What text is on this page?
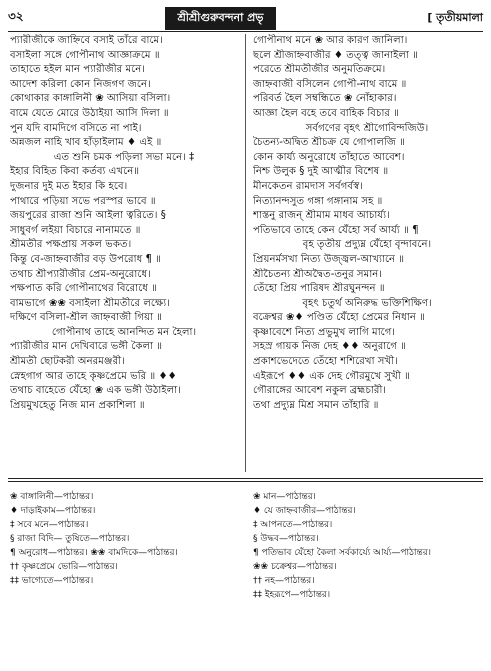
৩২	শ্রীশ্রীগুরুবন্দনা প্রভৃ	[ তৃতীয়মালা
প্যারীজীকে জাহ্নিবে বসাই তাঁরে বামে।
বসাইলা সঙ্গে গোপীনাথ আজ্ঞাক্রমে ॥
তাহাতে হইল মান প্যারীজীর মনে।
আদেশ করিলা কোন নিজগণ জনে।
কোথাকার কাঙ্গালিনী ❀ আসিয়া বসিলা।
বামে যেতে মোরে উঠাইয়া আসি দিলা ॥
পুন যদি বামদিগে বসিতে না পাই।
অন্নজল নাহি খাব হাঁড়াইলাম ♦ এই ॥
এত শুনি চমক পড়িলা সভা মনে। ‡
ইহার বিহিত কিবা কর্তব্য এখনে॥
দুজনার দুই মত ইহার কি হবে।
পাথারে পড়িয়া সভে পরস্পর ভাবে ॥
জয়পুরের রাজা শুনি আইলা ত্বরিতে। §
সাধুবর্গ লইয়া বিচারে নানামতে ॥
শ্রীমতীর পক্ষপ্রায় সকল ভকত।
কিন্তু বে-জাহ্নবাজীর বড় উপরোধ ¶ ॥
তথাচ শ্রীপ্যারীজীর প্রেম-অনুরোধে।
পক্ষপাত করি গোপীনাথের বিরোধে ॥
বামভাগে ❀❀ বসাইলা শ্রীমতীরে লক্ষ্যে।
দক্ষিণে বসিলা-শ্রীল জাহ্নবাজী গিয়া ॥
গোপীনাথ তাহে আনন্দিত মন হৈলা।
প্যারীজীর মান দেখিবারে ভঙ্গী কৈলা ॥
শ্রীমতী ছোটকরী অনরমঞ্জরী।
স্নেহগাগ আর তাহে কৃষ্ণপ্রেমে ভরি ॥ ♦♦
তথাচ বাহেতে যেঁহো ❀ এক ভঙ্গী উঠাইলা।
প্রিয়মুখহেতু নিজ মান প্রকাশিলা ॥
গোপীনাথ মনে ❀ আর কারণ জানিলা।
ছলে শ্রীজাহ্নবাজীর ♦ তত্ত্ব জানাইলা ॥
পরেতে শ্রীমতীজীর অনুমতিক্রমে।
জাহ্নবাজী বসিলেন গোপী-নাথ বামে ॥
পরিবর্ত হৈল সম্বন্ধিতে ❀ নোঁহাকার।
আজ্ঞা হৈল বহে তবে বাহিক বিচার ॥
সর্বগণের বৃহৎ শ্রীগোবিন্দজিউ।
চৈতন্য-অদ্বিত শ্রীচক্র যে গোপালজি ॥
কোন কার্য্য অনুরোধে তাঁহাতে আবেশ।
নিশ্চ উলুক § দুই আত্মীর বিশেষ ॥
মীনকেতন রামদাস সর্বগর্বস্ব।
নিত্যানন্দসুত গঙ্গা গঙ্গানাম সহ ॥
শাস্তনু রাজন্ শ্রীমাম মাধব আচার্য্য।
পতিভাবে তাহে কেন যেঁহো সর্ব আর্য্য ॥ ¶
বৃহ তৃতীয় প্রদ্যুম্ন যেঁহো বৃন্দাবনে।
প্রিয়নর্মসখা নিত্য উজ্জ্বল-আখ্যানে ॥
শ্রীচৈতন্য শ্রীঅদ্বৈত-তনুর সমান।
তেঁহো প্রিয় পারিষদ শ্রীরঘুনন্দন ॥
বৃহৎ চতুর্থ অনিরুদ্ধ ভক্তিশিক্ষিণ।
বক্রেশ্বর ❀♦ পণ্ডিত যেঁহো প্রেমের নিধান ॥
কৃষ্ণাবেশে নিত্য প্রভুমুখ লাগি মাগে।
সহস্র গায়ক নিজ দেহ ♦♦ অনুরাগে ॥
প্রকাশভেদেতে তেঁহো শশিরেখা সখী।
এইরূপে ♦♦ এক দেহ গৌরমুখে সুখী ॥
গৌরাঙ্গের আবেশ নকুল ব্রহ্মচারী।
তথা প্রদ্যুম্ন মিশ্র সমান তাঁহারি ॥
❀ বাঙ্গালিনী—পাঠান্তর।
♦ দাড়াইকাম—পাঠান্তর।
‡ সবে মনে—পাঠান্তর।
§ রাজা বিদি— তুষিতে—পাঠান্তর।
¶ অনুরোধ—পাঠান্তর। ❀❀ বামদিকে—পাঠান্তর।
†† কৃষ্ণপ্রেমে ভোরি—পাঠান্তর।
‡‡ ভাগ্যেতে—পাঠান্তর।
❀ মান—পাঠান্তর।
♦ যে জাহ্নবাজীর—পাঠান্তর।
‡ আপনতে—পাঠান্তর।
§ উদ্ধব—পাঠান্তর।
¶ পতিভাব যেঁহো কৈলা সর্বকার্য্যে আর্য্য—পাঠান্তর।
❀❀ চক্রেশ্বর—পাঠান্তর।
†† নহ—পাঠান্তর।
‡‡ ইহরূপে—পাঠান্তর।
